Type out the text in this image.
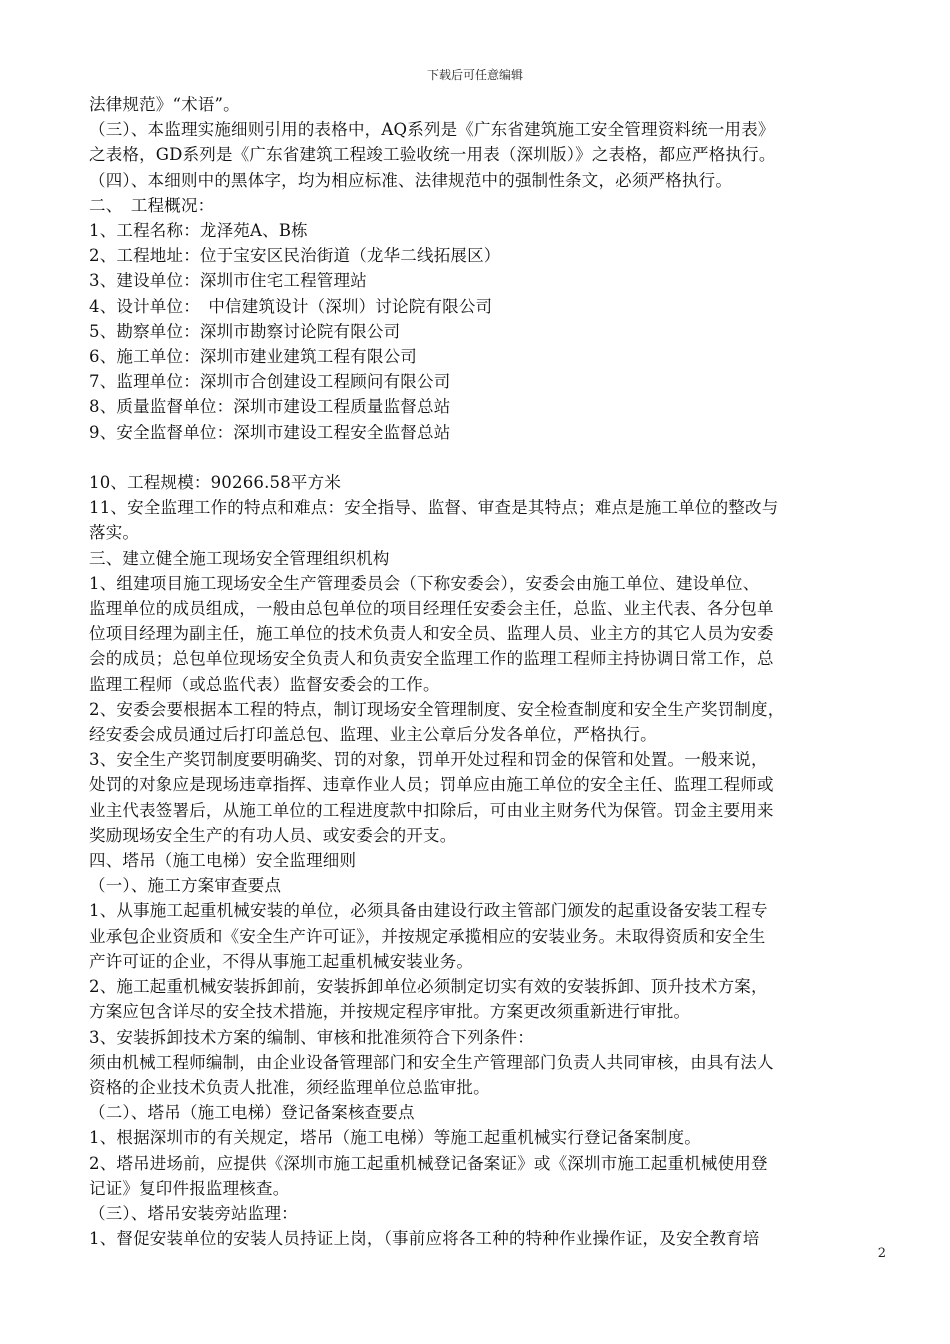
下载后可任意编辑

法律规范》“术语”。

（三）、本监理实施细则引用的表格中，AQ系列是《广东省建筑施工安全管理资料统一用表》

之表格，GD系列是《广东省建筑工程竣工验收统一用表（深圳版）》之表格，都应严格执行。

（四）、本细则中的黑体字，均为相应标准、法律规范中的强制性条文，必须严格执行。

二、　工程概况：

1、工程名称：龙泽苑A、B栋

2、工程地址：位于宝安区民治街道（龙华二线拓展区）

3、建设单位：深圳市住宅工程管理站

4、设计单位：　中信建筑设计（深圳）讨论院有限公司

5、勘察单位：深圳市勘察讨论院有限公司

6、施工单位：深圳市建业建筑工程有限公司

7、监理单位：深圳市合创建设工程顾问有限公司

8、质量监督单位：深圳市建设工程质量监督总站

9、安全监督单位：深圳市建设工程安全监督总站

10、工程规模：90266.58平方米

11、安全监理工作的特点和难点：安全指导、监督、审查是其特点；难点是施工单位的整改与

落实。

三、建立健全施工现场安全管理组织机构

1、组建项目施工现场安全生产管理委员会（下称安委会），安委会由施工单位、建设单位、

监理单位的成员组成，一般由总包单位的项目经理任安委会主任，总监、业主代表、各分包单

位项目经理为副主任，施工单位的技术负责人和安全员、监理人员、业主方的其它人员为安委

会的成员；总包单位现场安全负责人和负责安全监理工作的监理工程师主持协调日常工作，总

监理工程师（或总监代表）监督安委会的工作。

2、安委会要根据本工程的特点，制订现场安全管理制度、安全检查制度和安全生产奖罚制度，

经安委会成员通过后打印盖总包、监理、业主公章后分发各单位，严格执行。

3、安全生产奖罚制度要明确奖、罚的对象，罚单开处过程和罚金的保管和处置。一般来说，

处罚的对象应是现场违章指挥、违章作业人员；罚单应由施工单位的安全主任、监理工程师或

业主代表签署后，从施工单位的工程进度款中扣除后，可由业主财务代为保管。罚金主要用来

奖励现场安全生产的有功人员、或安委会的开支。

四、塔吊（施工电梯）安全监理细则

（一）、施工方案审查要点

1、从事施工起重机械安装的单位，必须具备由建设行政主管部门颁发的起重设备安装工程专

业承包企业资质和《安全生产许可证》，并按规定承揽相应的安装业务。未取得资质和安全生

产许可证的企业，不得从事施工起重机械安装业务。

2、施工起重机械安装拆卸前，安装拆卸单位必须制定切实有效的安装拆卸、顶升技术方案，

方案应包含详尽的安全技术措施，并按规定程序审批。方案更改须重新进行审批。

3、安装拆卸技术方案的编制、审核和批准须符合下列条件：

须由机械工程师编制，由企业设备管理部门和安全生产管理部门负责人共同审核，由具有法人

资格的企业技术负责人批准，须经监理单位总监审批。

（二）、塔吊（施工电梯）登记备案核查要点

1、根据深圳市的有关规定，塔吊（施工电梯）等施工起重机械实行登记备案制度。

2、塔吊进场前，应提供《深圳市施工起重机械登记备案证》或《深圳市施工起重机械使用登

记证》复印件报监理核查。

（三）、塔吊安装旁站监理：

1、督促安装单位的安装人员持证上岗，（事前应将各工种的特种作业操作证，及安全教育培

2
